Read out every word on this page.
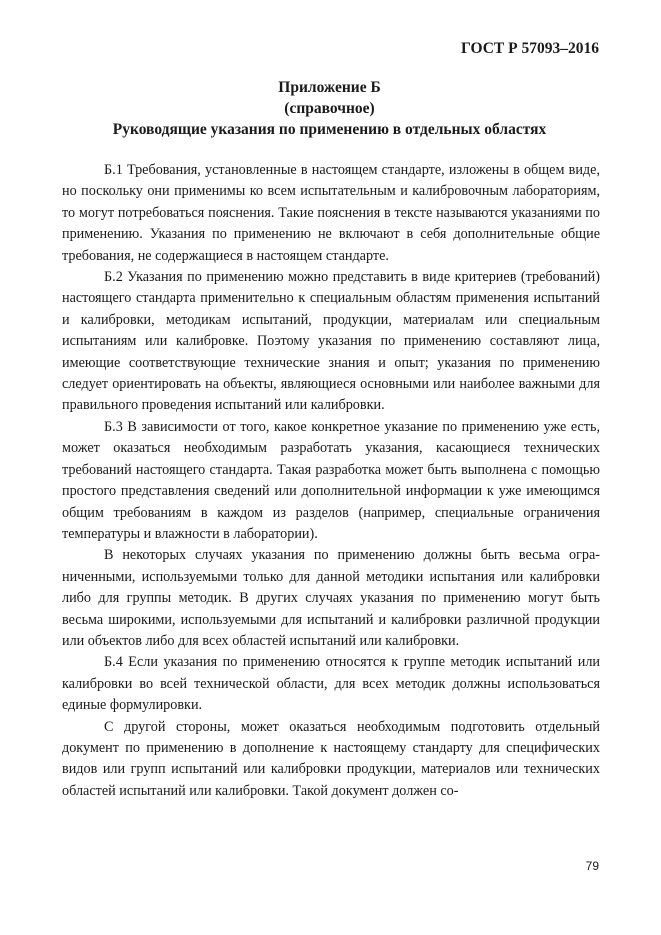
ГОСТ Р 57093–2016
Приложение Б
(справочное)
Руководящие указания по применению в отдельных областях

Б.1 Требования, установленные в настоящем стандарте, изложены в общем виде, но поскольку они применимы ко всем испытательным и калибровочным лабораториям, то могут потребоваться пояснения. Такие пояснения в тексте называются указаниями по применению. Указания по применению не включают в себя дополнительные общие требования, не содержащиеся в настоящем стандарте.

Б.2 Указания по применению можно представить в виде критериев (требований) настоящего стандарта применительно к специальным областям применения испытаний и калибровки, методикам испытаний, продукции, материалам или специальным испытаниям или калибровке. Поэтому указания по применению составляют лица, имеющие соответствующие технические знания и опыт; указания по применению следует ориентировать на объекты, являющиеся основными или наиболее важными для правильного проведения испытаний или калибровки.

Б.3 В зависимости от того, какое конкретное указание по применению уже есть, может оказаться необходимым разработать указания, касающиеся технических требований настоящего стандарта. Такая разработка может быть выполнена с помощью простого представления сведений или дополнительной информации к уже имеющимся общим требованиям в каждом из разделов (например, специальные ограничения температуры и влажности в лаборатории).

В некоторых случаях указания по применению должны быть весьма ограниченными, используемыми только для данной методики испытания или калибровки либо для группы методик. В других случаях указания по применению могут быть весьма широкими, используемыми для испытаний и калибровки различной продукции или объектов либо для всех областей испытаний или калибровки.

Б.4 Если указания по применению относятся к группе методик испытаний или калибровки во всей технической области, для всех методик должны использоваться единые формулировки.

С другой стороны, может оказаться необходимым подготовить отдельный документ по применению в дополнение к настоящему стандарту для специфических видов или групп испытаний или калибровки продукции, материалов или технических областей испытаний или калибровки. Такой документ должен со-

79
